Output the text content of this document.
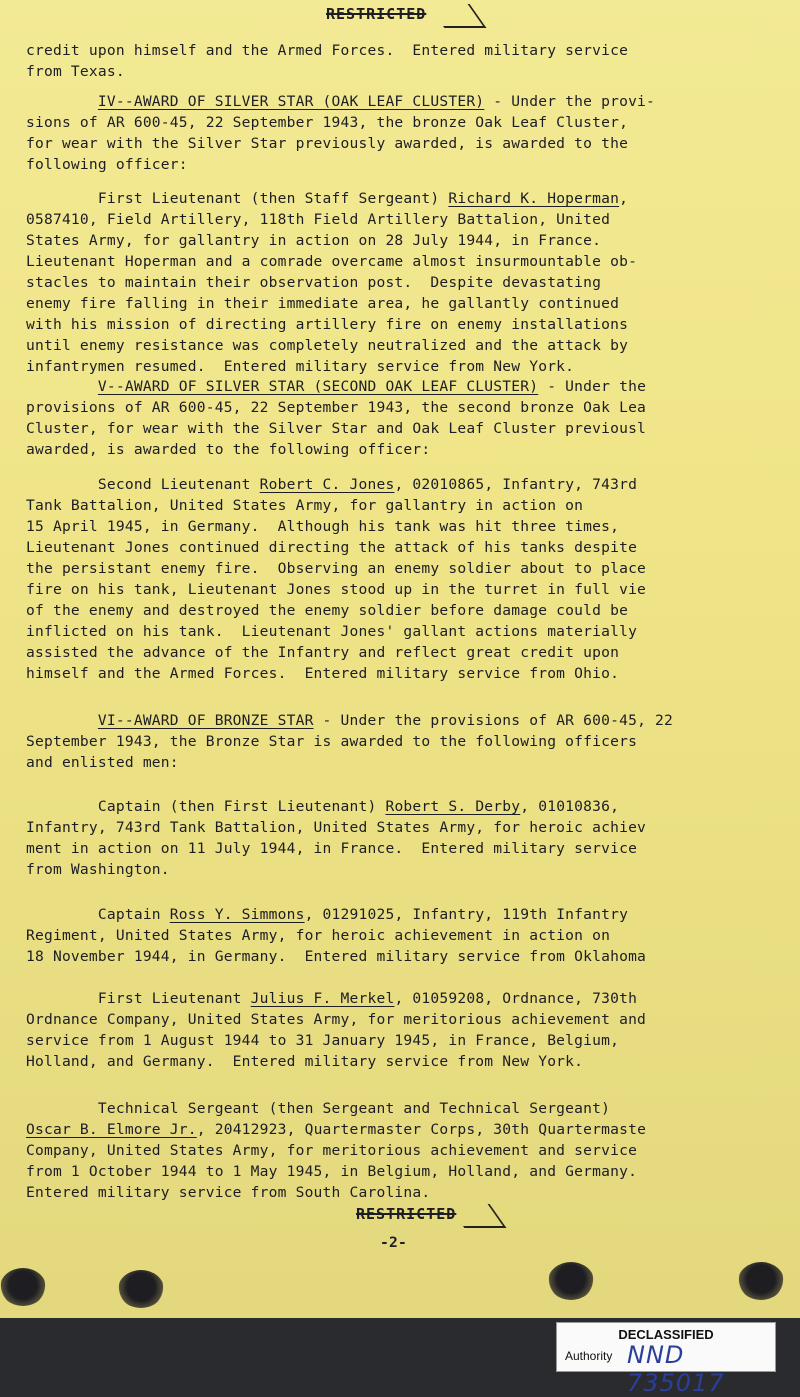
RESTRICTED

credit upon himself and the Armed Forces.  Entered military service
from Texas.

IV--AWARD OF SILVER STAR (OAK LEAF CLUSTER) - Under the provi-
sions of AR 600-45, 22 September 1943, the bronze Oak Leaf Cluster,
for wear with the Silver Star previously awarded, is awarded to the
following officer:

First Lieutenant (then Staff Sergeant) Richard K. Hoperman,
0587410, Field Artillery, 118th Field Artillery Battalion, United
States Army, for gallantry in action on 28 July 1944, in France.
Lieutenant Hoperman and a comrade overcame almost insurmountable ob-
stacles to maintain their observation post.  Despite devastating
enemy fire falling in their immediate area, he gallantly continued
with his mission of directing artillery fire on enemy installations
until enemy resistance was completely neutralized and the attack by
infantrymen resumed.  Entered military service from New York.

V--AWARD OF SILVER STAR (SECOND OAK LEAF CLUSTER) - Under the
provisions of AR 600-45, 22 September 1943, the second bronze Oak Lea
Cluster, for wear with the Silver Star and Oak Leaf Cluster previousl
awarded, is awarded to the following officer:

Second Lieutenant Robert C. Jones, 02010865, Infantry, 743rd
Tank Battalion, United States Army, for gallantry in action on
15 April 1945, in Germany.  Although his tank was hit three times,
Lieutenant Jones continued directing the attack of his tanks despite
the persistant enemy fire.  Observing an enemy soldier about to place
fire on his tank, Lieutenant Jones stood up in the turret in full vie
of the enemy and destroyed the enemy soldier before damage could be
inflicted on his tank.  Lieutenant Jones' gallant actions materially
assisted the advance of the Infantry and reflect great credit upon
himself and the Armed Forces.  Entered military service from Ohio.

VI--AWARD OF BRONZE STAR - Under the provisions of AR 600-45, 22
September 1943, the Bronze Star is awarded to the following officers
and enlisted men:

Captain (then First Lieutenant) Robert S. Derby, 01010836,
Infantry, 743rd Tank Battalion, United States Army, for heroic achiev
ment in action on 11 July 1944, in France.  Entered military service
from Washington.

Captain Ross Y. Simmons, 01291025, Infantry, 119th Infantry
Regiment, United States Army, for heroic achievement in action on
18 November 1944, in Germany.  Entered military service from Oklahoma

First Lieutenant Julius F. Merkel, 01059208, Ordnance, 730th
Ordnance Company, United States Army, for meritorious achievement and
service from 1 August 1944 to 31 January 1945, in France, Belgium,
Holland, and Germany.  Entered military service from New York.

Technical Sergeant (then Sergeant and Technical Sergeant)
Oscar B. Elmore Jr., 20412923, Quartermaster Corps, 30th Quartermaste
Company, United States Army, for meritorious achievement and service
from 1 October 1944 to 1 May 1945, in Belgium, Holland, and Germany.
Entered military service from South Carolina.

RESTRICTED
-2-
DECLASSIFIED
Authority NND 735017
